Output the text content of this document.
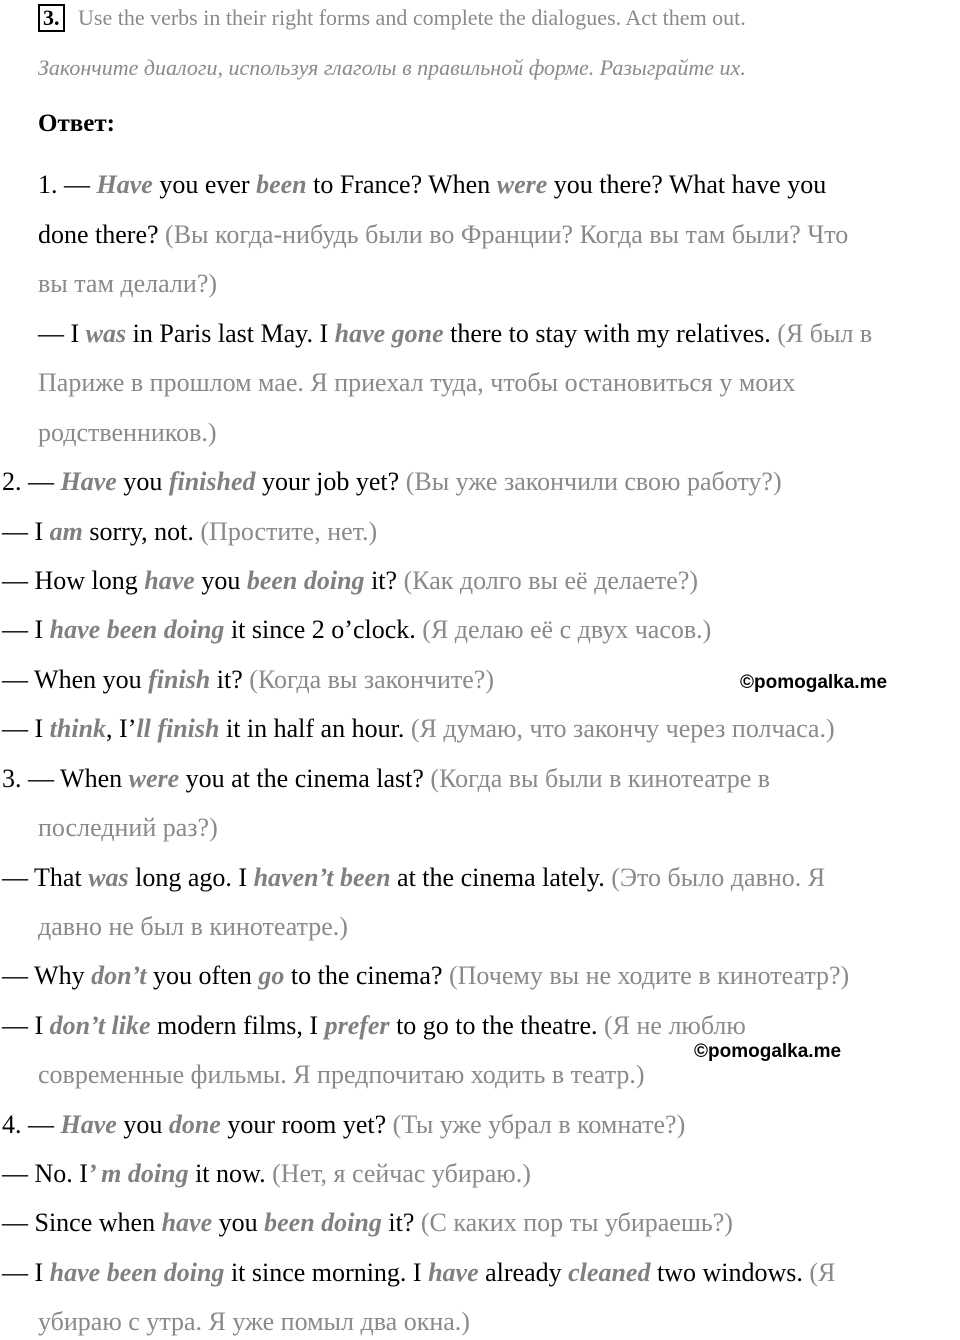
3. Use the verbs in their right forms and complete the dialogues. Act them out.
Закончите диалоги, используя глаголы в правильной форме. Разыграйте их.
Ответ:
1. — Have you ever been to France? When were you there? What have you
done there? (Вы когда-нибудь были во Франции? Когда вы там были? Что
вы там делали?)
— I was in Paris last May. I have gone there to stay with my relatives. (Я был в
Париже в прошлом мае. Я приехал туда, чтобы остановиться у моих
родственников.)
2. — Have you finished your job yet? (Вы уже закончили свою работу?)
— I am sorry, not. (Простите, нет.)
— How long have you been doing it? (Как долго вы её делаете?)
— I have been doing it since 2 o’clock. (Я делаю её с двух часов.)
— When you finish it? (Когда вы закончите?)
— I think, I’ll finish it in half an hour. (Я думаю, что закончу через полчаса.)
3. — When were you at the cinema last? (Когда вы были в кинотеатре в
последний раз?)
— That was long ago. I haven’t been at the cinema lately. (Это было давно. Я
давно не был в кинотеатре.)
— Why don’t you often go to the cinema? (Почему вы не ходите в кинотеатр?)
— I don’t like modern films, I prefer to go to the theatre. (Я не люблю
современные фильмы. Я предпочитаю ходить в театр.)
4. — Have you done your room yet? (Ты уже убрал в комнате?)
— No. I’ m doing it now. (Нет, я сейчас убираю.)
— Since when have you been doing it? (С каких пор ты убираешь?)
— I have been doing it since morning. I have already cleaned two windows. (Я
убираю с утра. Я уже помыл два окна.)
©pomogalka.me
©pomogalka.me
